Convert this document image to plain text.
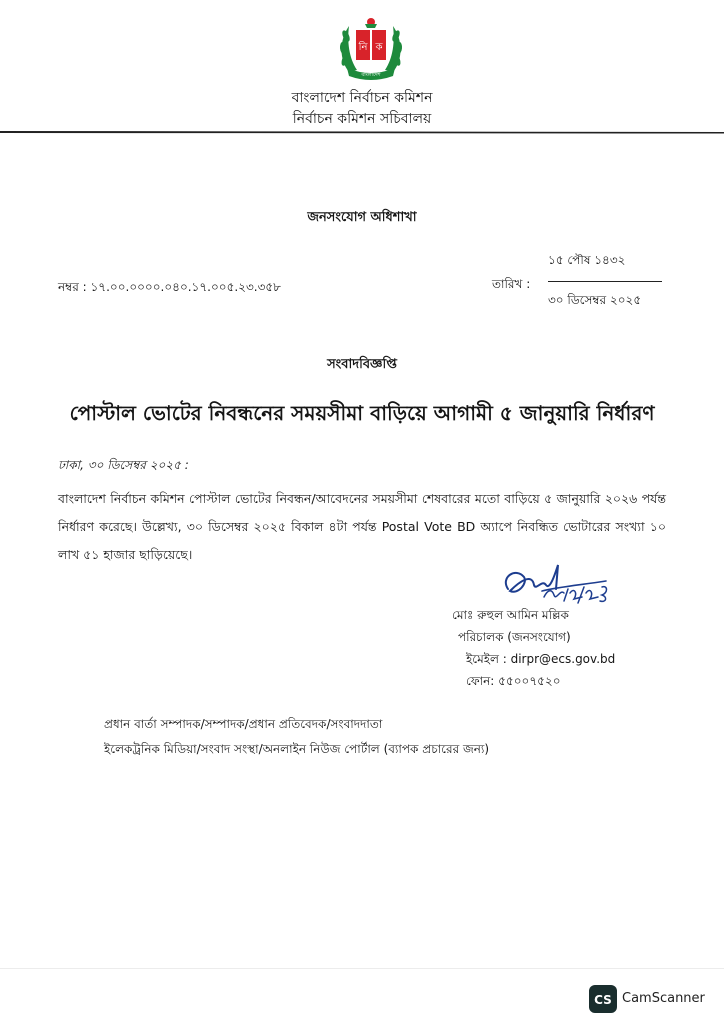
নি ক
বাংলাদেশ
বাংলাদেশ নির্বাচন কমিশন
নির্বাচন কমিশন সচিবালয়
জনসংযোগ অধিশাখা
নম্বর : ১৭.০০.০০০০.০৪০.১৭.০০৫.২৩.৩৫৮
১৫ পৌষ ১৪৩২
তারিখ :
৩০ ডিসেম্বর ২০২৫
সংবাদবিজ্ঞপ্তি
পোস্টাল ভোটের নিবন্ধনের সময়সীমা বাড়িয়ে আগামী ৫ জানুয়ারি নির্ধারণ
ঢাকা, ৩০ ডিসেম্বর ২০২৫ :
বাংলাদেশ নির্বাচন কমিশন পোস্টাল ভোটের নিবন্ধন/আবেদনের সময়সীমা শেষবারের মতো বাড়িয়ে ৫ জানুয়ারি ২০২৬ পর্যন্ত নির্ধারণ করেছে। উল্লেখ্য, ৩০ ডিসেম্বর ২০২৫ বিকাল ৪টা পর্যন্ত Postal Vote BD অ্যাপে নিবন্ধিত ভোটারের সংখ্যা ১০ লাখ ৫১ হাজার ছাড়িয়েছে।
মোঃ রুহুল আমিন মল্লিক
পরিচালক (জনসংযোগ)
ইমেইল : dirpr@ecs.gov.bd
ফোন: ৫৫০০৭৫২০
প্রধান বার্তা সম্পাদক/সম্পাদক/প্রধান প্রতিবেদক/সংবাদদাতা
ইলেকট্রনিক মিডিয়া/সংবাদ সংস্থা/অনলাইন নিউজ পোর্টাল (ব্যাপক প্রচারের জন্য)
CS CamScanner
